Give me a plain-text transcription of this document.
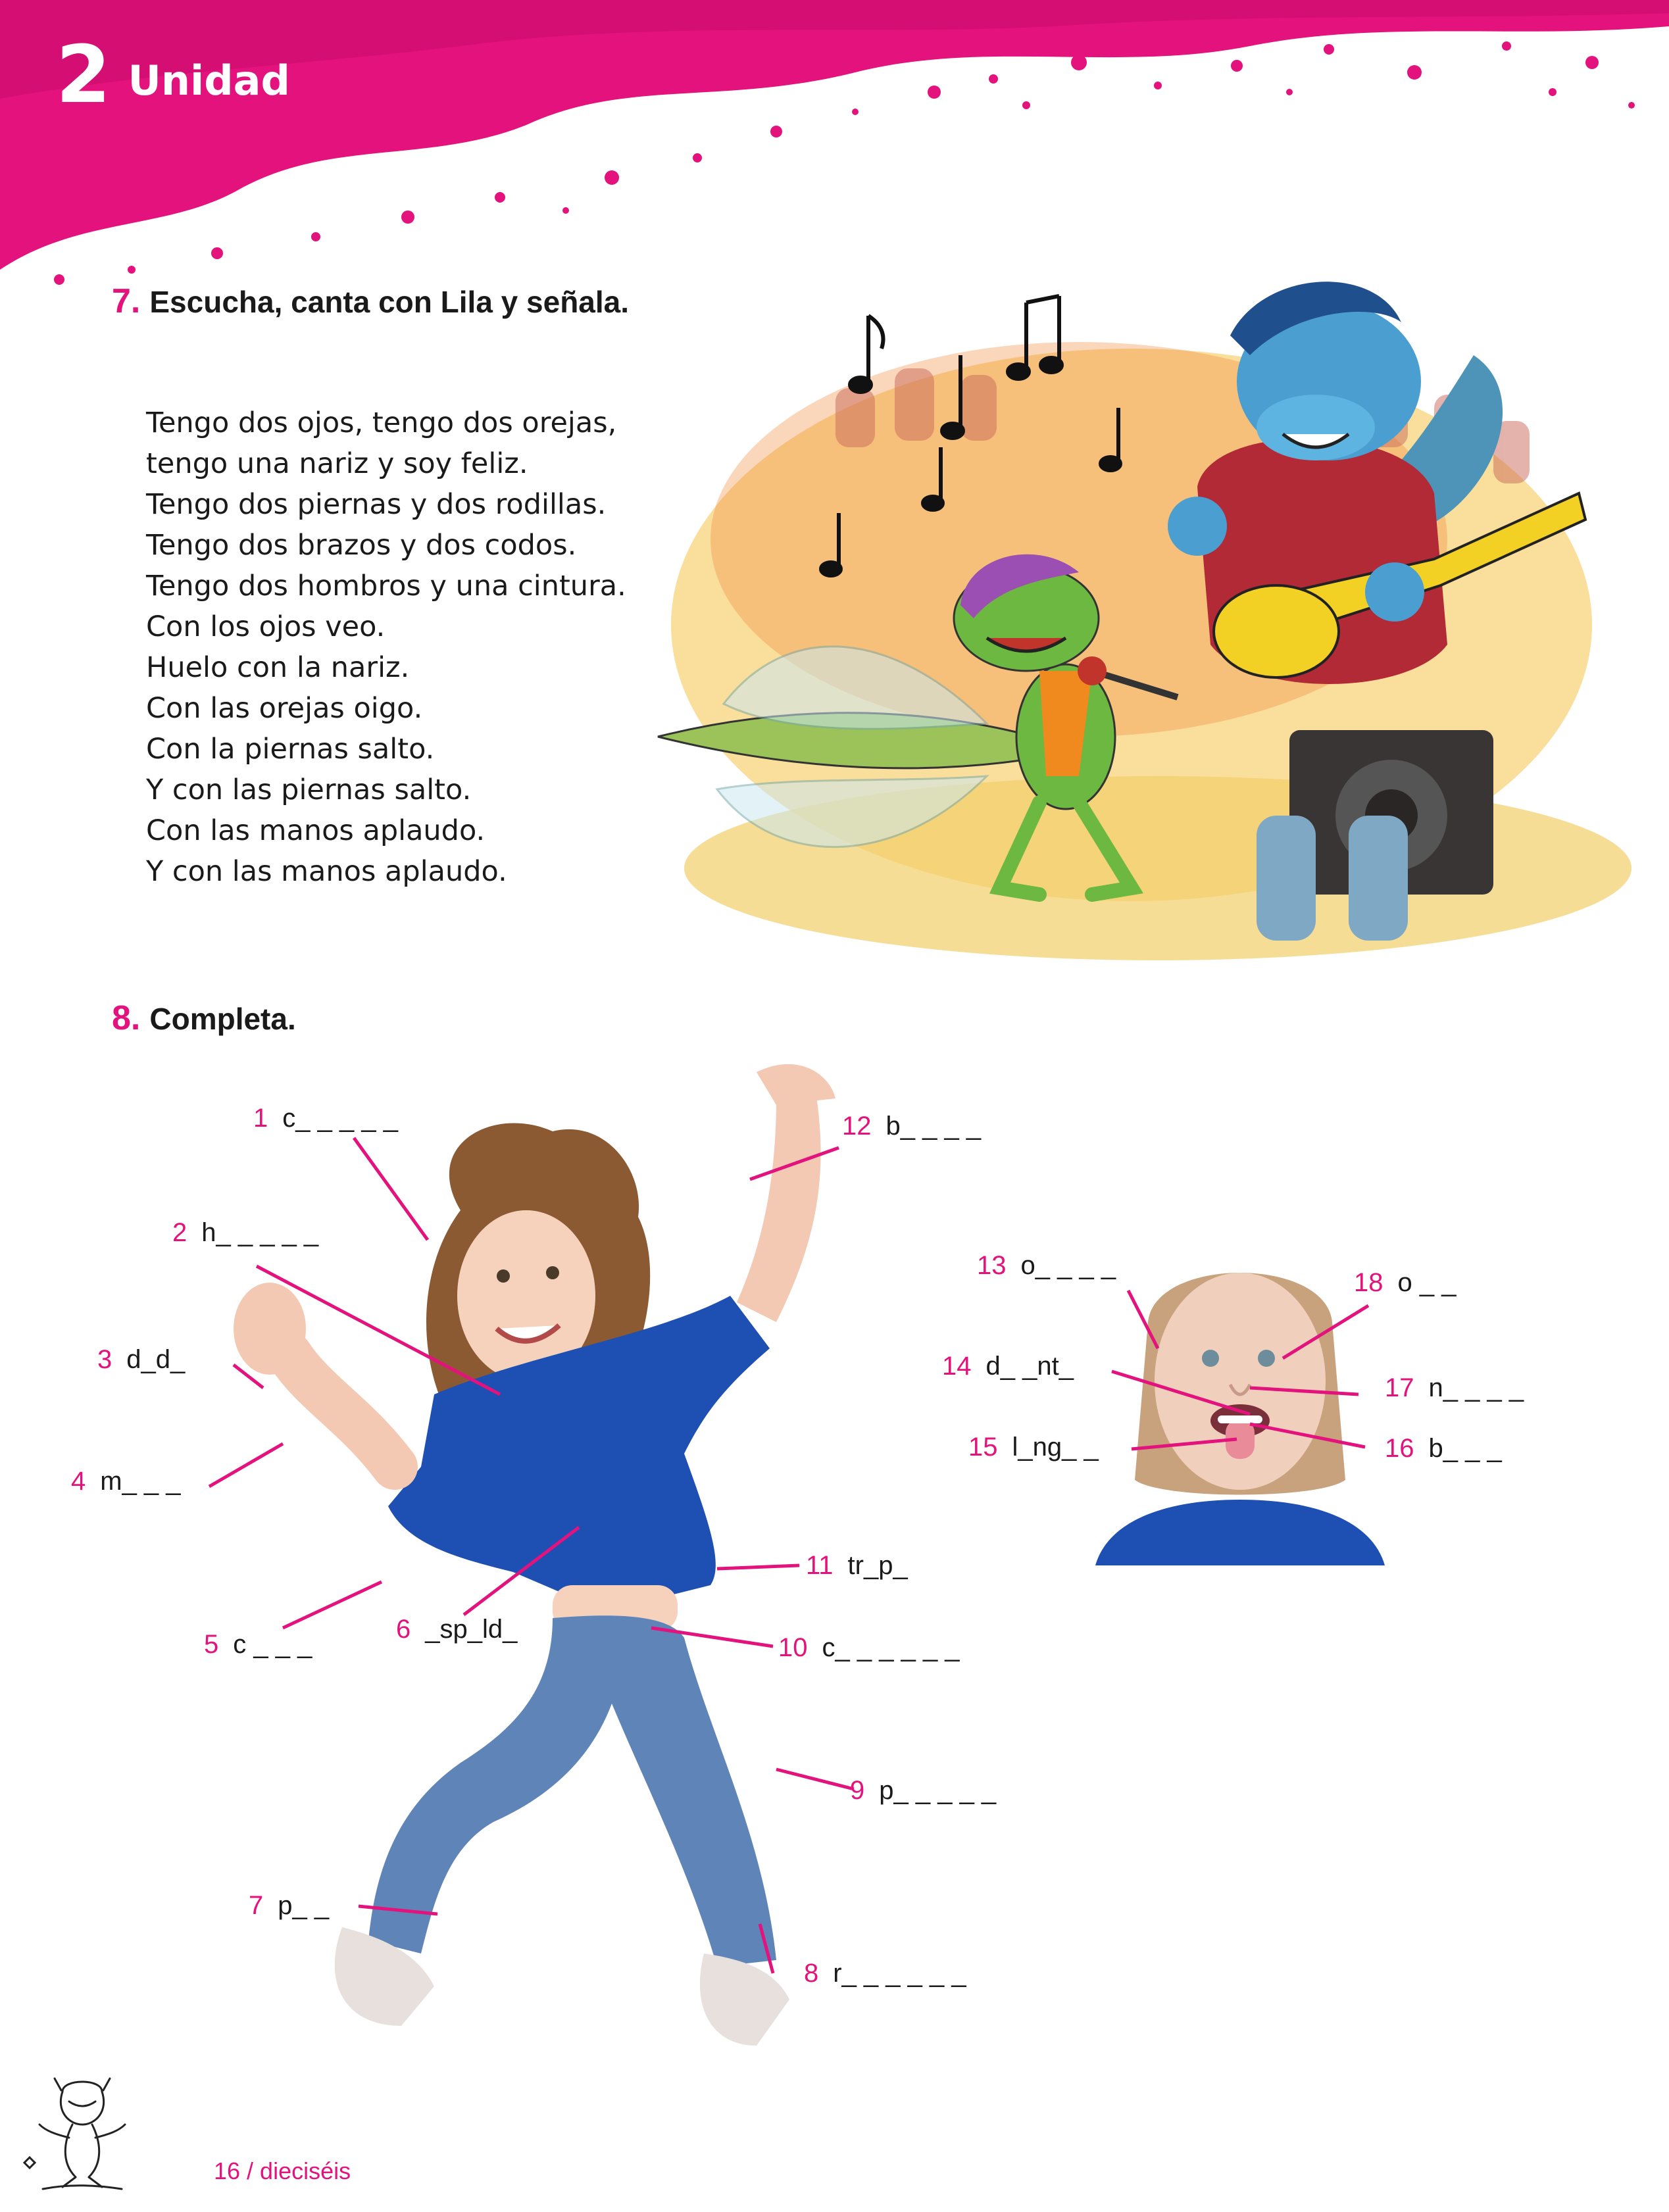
2 Unidad
7. Escucha, canta con Lila y señala.
Tengo dos ojos, tengo dos orejas,
tengo una nariz y soy feliz.
Tengo dos piernas y dos rodillas.
Tengo dos brazos y dos codos.
Tengo dos hombros y una cintura.
Con los ojos veo.
Huelo con la nariz.
Con las orejas oigo.
Con la piernas salto.
Y con las piernas salto.
Con las manos aplaudo.
Y con las manos aplaudo.
8. Completa.
1 c_ _ _ _ _
2 h_ _ _ _ _
3 d_d_
4 m_ _ _
5 c _ _ _
6 _sp_ld_
7 p_ _
8 r_ _ _ _ _ _
9 p_ _ _ _ _
10 c_ _ _ _ _ _
11 tr_p_
12 b_ _ _ _
13 o_ _ _ _
14 d_ _nt_
15 l_ng_ _	16 b_ _ _
17 n_ _ _ _
18 o _ _
16 / dieciséis
